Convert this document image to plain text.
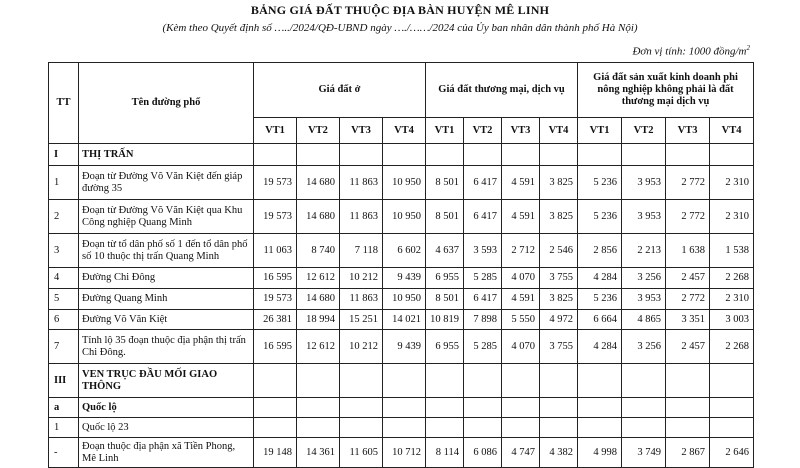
BẢNG GIÁ ĐẤT THUỘC ĐỊA BÀN HUYỆN MÊ LINH
(Kèm theo Quyết định số …../2024/QĐ-UBND ngày …./……/2024 của Ủy ban nhân dân thành phố Hà Nội)
Đơn vị tính: 1000 đồng/$m^2$
TT	Tên đường phố	Giá đất ở				Giá đất thương mại, dịch vụ				Giá đất sản xuất kinh doanh phi nông nghiệp không phải là đất thương mại dịch vụ			
		VT1	VT2	VT3	VT4	VT1	VT2	VT3	VT4	VT1	VT2	VT3	VT4
I	THỊ TRẤN												
1	Đoạn từ Đường Võ Văn Kiệt đến giáp đường 35	19 573	14 680	11 863	10 950	8 501	6 417	4 591	3 825	5 236	3 953	2 772	2 310
2	Đoạn từ Đường Võ Văn Kiệt qua Khu Công nghiệp Quang Minh	19 573	14 680	11 863	10 950	8 501	6 417	4 591	3 825	5 236	3 953	2 772	2 310
3	Đoạn từ tổ dân phố số 1 đến tổ dân phố số 10 thuộc thị trấn Quang Minh	11 063	8 740	7 118	6 602	4 637	3 593	2 712	2 546	2 856	2 213	1 638	1 538
4	Đường Chi Đông	16 595	12 612	10 212	9 439	6 955	5 285	4 070	3 755	4 284	3 256	2 457	2 268
5	Đường Quang Minh	19 573	14 680	11 863	10 950	8 501	6 417	4 591	3 825	5 236	3 953	2 772	2 310
6	Đường Võ Văn Kiệt	26 381	18 994	15 251	14 021	10 819	7 898	5 550	4 972	6 664	4 865	3 351	3 003
7	Tỉnh lộ 35 đoạn thuộc địa phận thị trấn Chi Đông.	16 595	12 612	10 212	9 439	6 955	5 285	4 070	3 755	4 284	3 256	2 457	2 268
III	VEN TRỤC ĐẦU MỐI GIAO THÔNG												
a	Quốc lộ												
1	Quốc lộ 23												
-	Đoạn thuộc địa phận xã Tiền Phong, Mê Linh	19 148	14 361	11 605	10 712	8 114	6 086	4 747	4 382	4 998	3 749	2 867	2 646
